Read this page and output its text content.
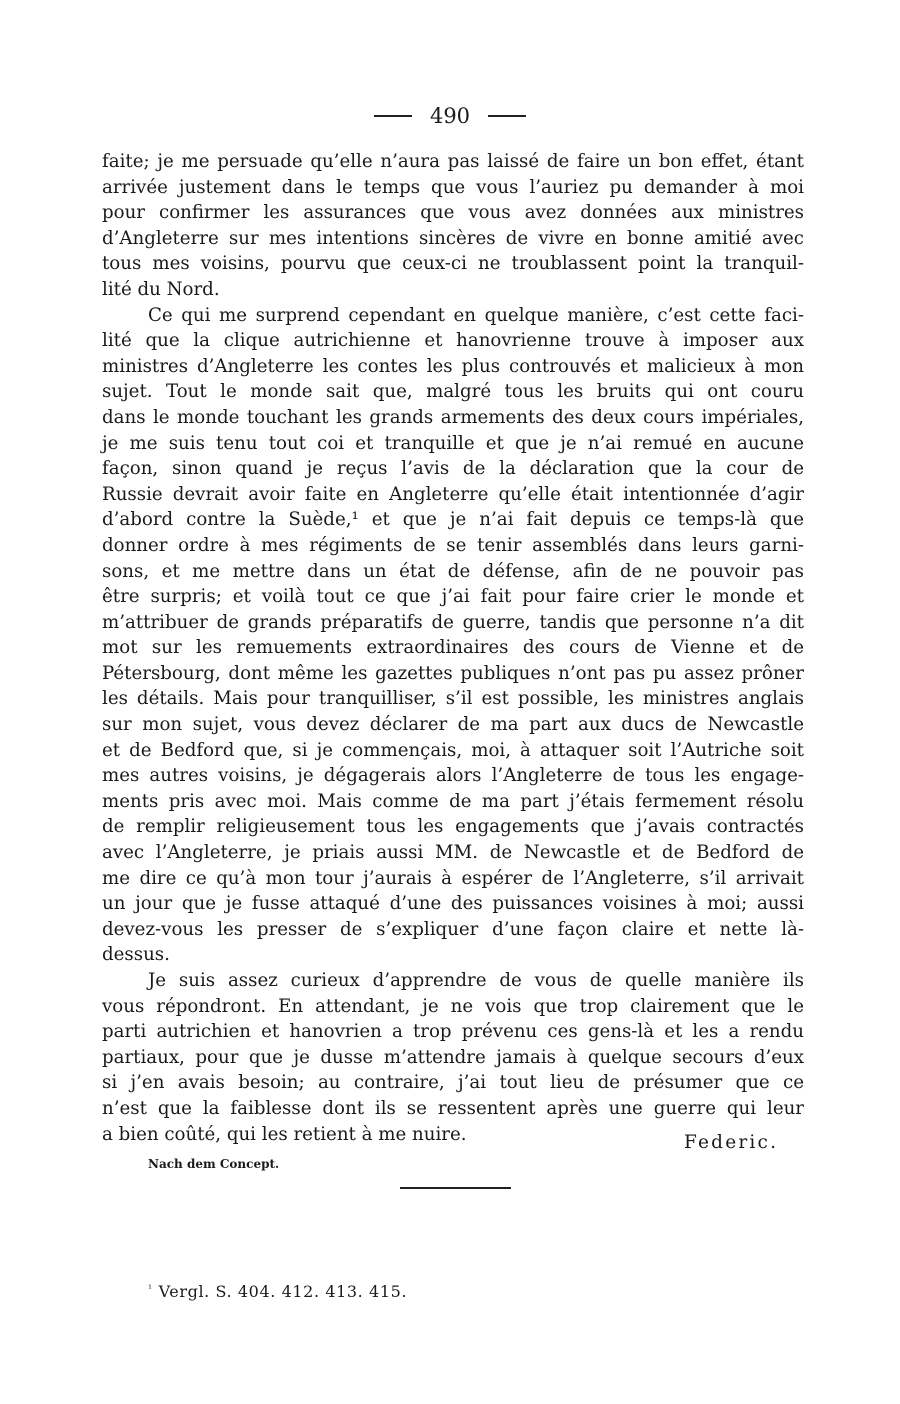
490
faite; je me persuade qu’elle n’aura pas laissé de faire un bon effet, étant
arrivée justement dans le temps que vous l’auriez pu demander à moi
pour confirmer les assurances que vous avez données aux ministres
d’Angleterre sur mes intentions sincères de vivre en bonne amitié avec
tous mes voisins, pourvu que ceux-ci ne troublassent point la tranquil-
lité du Nord.
Ce qui me surprend cependant en quelque manière, c’est cette faci-
lité que la clique autrichienne et hanovrienne trouve à imposer aux
ministres d’Angleterre les contes les plus controuvés et malicieux à mon
sujet. Tout le monde sait que, malgré tous les bruits qui ont couru
dans le monde touchant les grands armements des deux cours impériales,
je me suis tenu tout coi et tranquille et que je n’ai remué en aucune
façon, sinon quand je reçus l’avis de la déclaration que la cour de
Russie devrait avoir faite en Angleterre qu’elle était intentionnée d’agir
d’abord contre la Suède,¹ et que je n’ai fait depuis ce temps-là que
donner ordre à mes régiments de se tenir assemblés dans leurs garni-
sons, et me mettre dans un état de défense, afin de ne pouvoir pas
être surpris; et voilà tout ce que j’ai fait pour faire crier le monde et
m’attribuer de grands préparatifs de guerre, tandis que personne n’a dit
mot sur les remuements extraordinaires des cours de Vienne et de
Pétersbourg, dont même les gazettes publiques n’ont pas pu assez prôner
les détails. Mais pour tranquilliser, s’il est possible, les ministres anglais
sur mon sujet, vous devez déclarer de ma part aux ducs de Newcastle
et de Bedford que, si je commençais, moi, à attaquer soit l’Autriche soit
mes autres voisins, je dégagerais alors l’Angleterre de tous les engage-
ments pris avec moi. Mais comme de ma part j’étais fermement résolu
de remplir religieusement tous les engagements que j’avais contractés
avec l’Angleterre, je priais aussi MM. de Newcastle et de Bedford de
me dire ce qu’à mon tour j’aurais à espérer de l’Angleterre, s’il arrivait
un jour que je fusse attaqué d’une des puissances voisines à moi; aussi
devez-vous les presser de s’expliquer d’une façon claire et nette là-
dessus.
Je suis assez curieux d’apprendre de vous de quelle manière ils
vous répondront. En attendant, je ne vois que trop clairement que le
parti autrichien et hanovrien a trop prévenu ces gens-là et les a rendu
partiaux, pour que je dusse m’attendre jamais à quelque secours d’eux
si j’en avais besoin; au contraire, j’ai tout lieu de présumer que ce
n’est que la faiblesse dont ils se ressentent après une guerre qui leur
a bien coûté, qui les retient à me nuire.	Federic.
Nach dem Concept.
$^{^1}$ Vergl. S. 404. 412. 413. 415.
